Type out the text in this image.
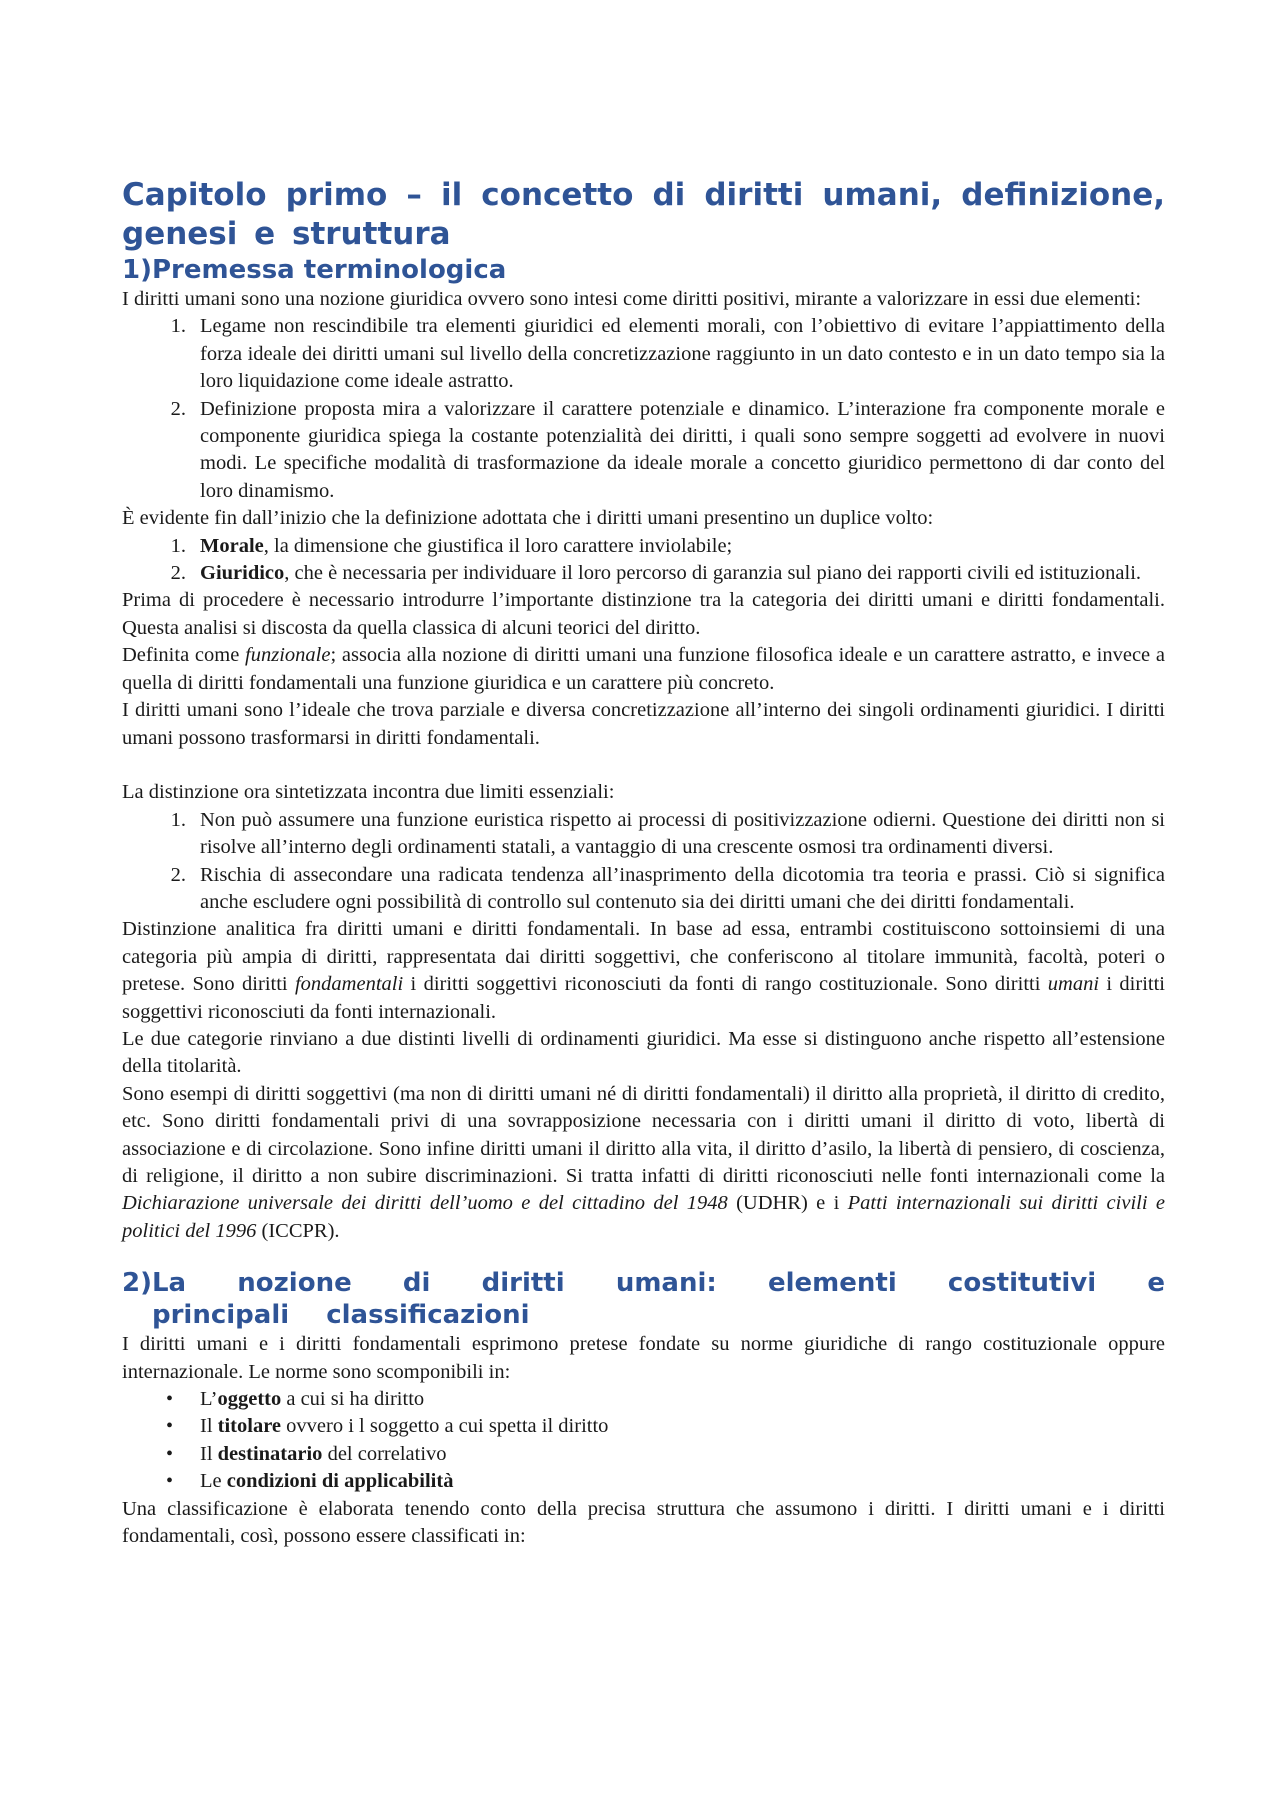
Capitolo primo – il concetto di diritti umani, definizione, genesi e struttura
1) Premessa terminologica

I diritti umani sono una nozione giuridica ovvero sono intesi come diritti positivi, mirante a valorizzare in essi due elementi:

1. Legame non rescindibile tra elementi giuridici ed elementi morali, con l’obiettivo di evitare l’appiattimento della forza ideale dei diritti umani sul livello della concretizzazione raggiunto in un dato contesto e in un dato tempo sia la loro liquidazione come ideale astratto.
2. Definizione proposta mira a valorizzare il carattere potenziale e dinamico. L’interazione fra componente morale e componente giuridica spiega la costante potenzialità dei diritti, i quali sono sempre soggetti ad evolvere in nuovi modi. Le specifiche modalità di trasformazione da ideale morale a concetto giuridico permettono di dar conto del loro dinamismo.

È evidente fin dall’inizio che la definizione adottata che i diritti umani presentino un duplice volto:

1. Morale, la dimensione che giustifica il loro carattere inviolabile;
2. Giuridico, che è necessaria per individuare il loro percorso di garanzia sul piano dei rapporti civili ed istituzionali.

Prima di procedere è necessario introdurre l’importante distinzione tra la categoria dei diritti umani e diritti fondamentali. Questa analisi si discosta da quella classica di alcuni teorici del diritto.

Definita come funzionale; associa alla nozione di diritti umani una funzione filosofica ideale e un carattere astratto, e invece a quella di diritti fondamentali una funzione giuridica e un carattere più concreto.

I diritti umani sono l’ideale che trova parziale e diversa concretizzazione all’interno dei singoli ordinamenti giuridici. I diritti umani possono trasformarsi in diritti fondamentali.

La distinzione ora sintetizzata incontra due limiti essenziali:

1. Non può assumere una funzione euristica rispetto ai processi di positivizzazione odierni. Questione dei diritti non si risolve all’interno degli ordinamenti statali, a vantaggio di una crescente osmosi tra ordinamenti diversi.
2. Rischia di assecondare una radicata tendenza all’inasprimento della dicotomia tra teoria e prassi. Ciò si significa anche escludere ogni possibilità di controllo sul contenuto sia dei diritti umani che dei diritti fondamentali.

Distinzione analitica fra diritti umani e diritti fondamentali. In base ad essa, entrambi costituiscono sottoinsiemi di una categoria più ampia di diritti, rappresentata dai diritti soggettivi, che conferiscono al titolare immunità, facoltà, poteri o pretese. Sono diritti fondamentali i diritti soggettivi riconosciuti da fonti di rango costituzionale. Sono diritti umani i diritti soggettivi riconosciuti da fonti internazionali.

Le due categorie rinviano a due distinti livelli di ordinamenti giuridici. Ma esse si distinguono anche rispetto all’estensione della titolarità.

Sono esempi di diritti soggettivi (ma non di diritti umani né di diritti fondamentali) il diritto alla proprietà, il diritto di credito, etc. Sono diritti fondamentali privi di una sovrapposizione necessaria con i diritti umani il diritto di voto, libertà di associazione e di circolazione. Sono infine diritti umani il diritto alla vita, il diritto d’asilo, la libertà di pensiero, di coscienza, di religione, il diritto a non subire discriminazioni. Si tratta infatti di diritti riconosciuti nelle fonti internazionali come la Dichiarazione universale dei diritti dell’uomo e del cittadino del 1948 (UDHR) e i Patti internazionali sui diritti civili e politici del 1996 (ICCPR).

2) La nozione di diritti umani: elementi costitutivi e principali classificazioni

I diritti umani e i diritti fondamentali esprimono pretese fondate su norme giuridiche di rango costituzionale oppure internazionale. Le norme sono scomponibili in:

• L’oggetto a cui si ha diritto
• Il titolare ovvero i l soggetto a cui spetta il diritto
• Il destinatario del correlativo
• Le condizioni di applicabilità

Una classificazione è elaborata tenendo conto della precisa struttura che assumono i diritti. I diritti umani e i diritti fondamentali, così, possono essere classificati in:
